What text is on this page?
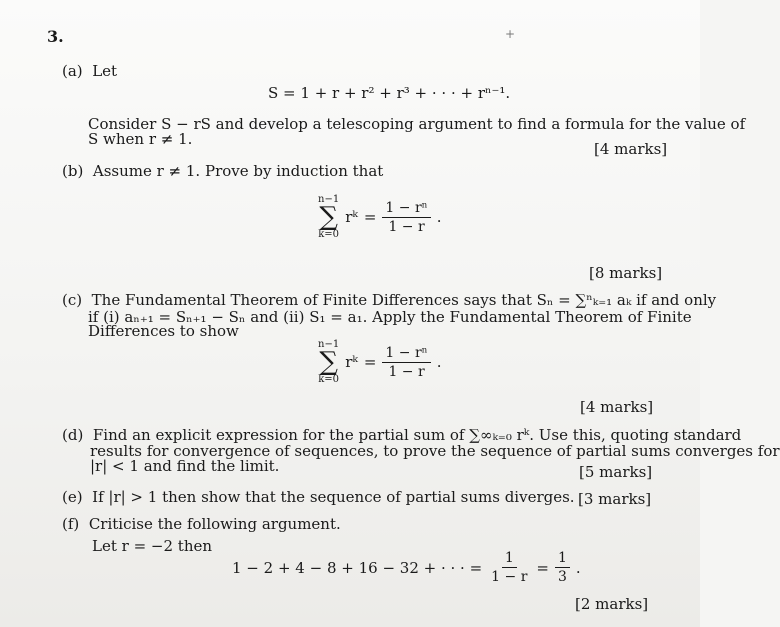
3.	+
(a) Let
S = 1 + r + r² + r³ + · · · + rⁿ⁻¹.
Consider S − rS and develop a telescoping argument to find a formula for the value of
S when r ≠ 1.
[4 marks]
(b) Assume r ≠ 1. Prove by induction that
n−1
∑
k=0
rᵏ = $\frac{\text{1 − rⁿ}}{1 - r}$ .
[8 marks]
(c) The Fundamental Theorem of Finite Differences says that Sₙ = ∑ⁿₖ₌₁ aₖ if and only
if (i) aₙ₊₁ = Sₙ₊₁ − Sₙ and (ii) S₁ = a₁. Apply the Fundamental Theorem of Finite
Differences to show
n−1
∑
k=0
rᵏ = $\frac{\text{1 − rⁿ}}{1 - r}$ .
[4 marks]
(d) Find an explicit expression for the partial sum of ∑∞ₖ₌₀ rᵏ. Use this, quoting standard
results for convergence of sequences, to prove the sequence of partial sums converges for
|r| < 1 and find the limit.	[5 marks]
(e) If |r| > 1 then show that the sequence of partial sums diverges. [3 marks]
(f) Criticise the following argument.
Let r = −2 then
1 − 2 + 4 − 8 + 16 − 32 + · · · = $\frac{1}{1 - r} = \frac{1}{3}$ .
[2 marks]
